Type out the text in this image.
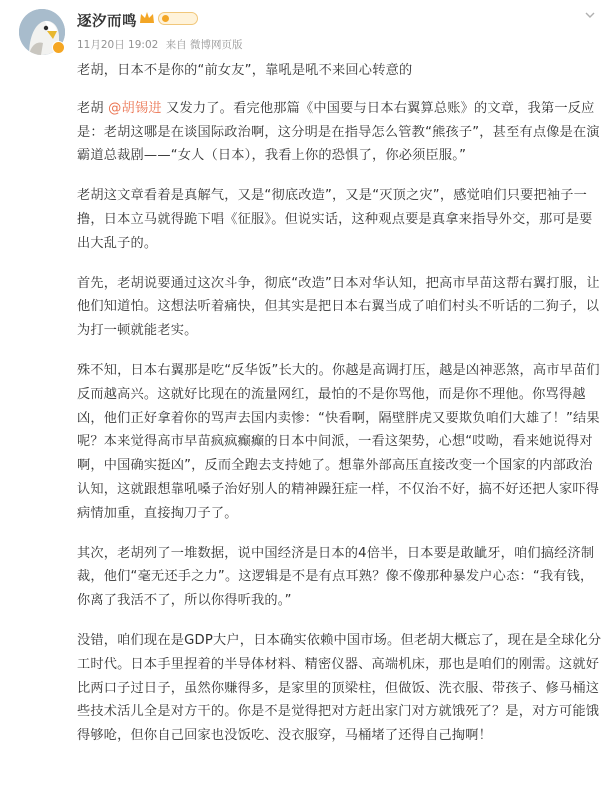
逐汐而鸣
11月20日 19:02 来自 微博网页版

老胡，日本不是你的“前女友”，靠吼是吼不来回心转意的

老胡 @胡锡进 又发力了。看完他那篇《中国要与日本右翼算总账》的文章，我第一反应是：老胡这哪是在谈国际政治啊，这分明是在指导怎么管教“熊孩子”，甚至有点像是在演霸道总裁剧——“女人（日本），我看上你的恐惧了，你必须臣服。”

老胡这文章看着是真解气，又是“彻底改造”，又是“灭顶之灾”，感觉咱们只要把袖子一撸，日本立马就得跪下唱《征服》。但说实话，这种观点要是真拿来指导外交，那可是要出大乱子的。

首先，老胡说要通过这次斗争，彻底“改造”日本对华认知，把高市早苗这帮右翼打服，让他们知道怕。这想法听着痛快，但其实是把日本右翼当成了咱们村头不听话的二狗子，以为打一顿就能老实。

殊不知，日本右翼那是吃“反华饭”长大的。你越是高调打压，越是凶神恶煞，高市早苗们反而越高兴。这就好比现在的流量网红，最怕的不是你骂他，而是你不理他。你骂得越凶，他们正好拿着你的骂声去国内卖惨：“快看啊，隔壁胖虎又要欺负咱们大雄了！”结果呢？本来觉得高市早苗疯疯癫癫的日本中间派，一看这架势，心想“哎呦，看来她说得对啊，中国确实挺凶”，反而全跑去支持她了。想靠外部高压直接改变一个国家的内部政治认知，这就跟想靠吼嗓子治好别人的精神躁狂症一样，不仅治不好，搞不好还把人家吓得病情加重，直接掏刀子了。

其次，老胡列了一堆数据，说中国经济是日本的4倍半，日本要是敢龇牙，咱们搞经济制裁，他们“毫无还手之力”。这逻辑是不是有点耳熟？像不像那种暴发户心态：“我有钱，你离了我活不了，所以你得听我的。”

没错，咱们现在是GDP大户，日本确实依赖中国市场。但老胡大概忘了，现在是全球化分工时代。日本手里捏着的半导体材料、精密仪器、高端机床，那也是咱们的刚需。这就好比两口子过日子，虽然你赚得多，是家里的顶梁柱，但做饭、洗衣服、带孩子、修马桶这些技术活儿全是对方干的。你是不是觉得把对方赶出家门对方就饿死了？是，对方可能饿得够呛，但你自己回家也没饭吃、没衣服穿，马桶堵了还得自己掏啊！
